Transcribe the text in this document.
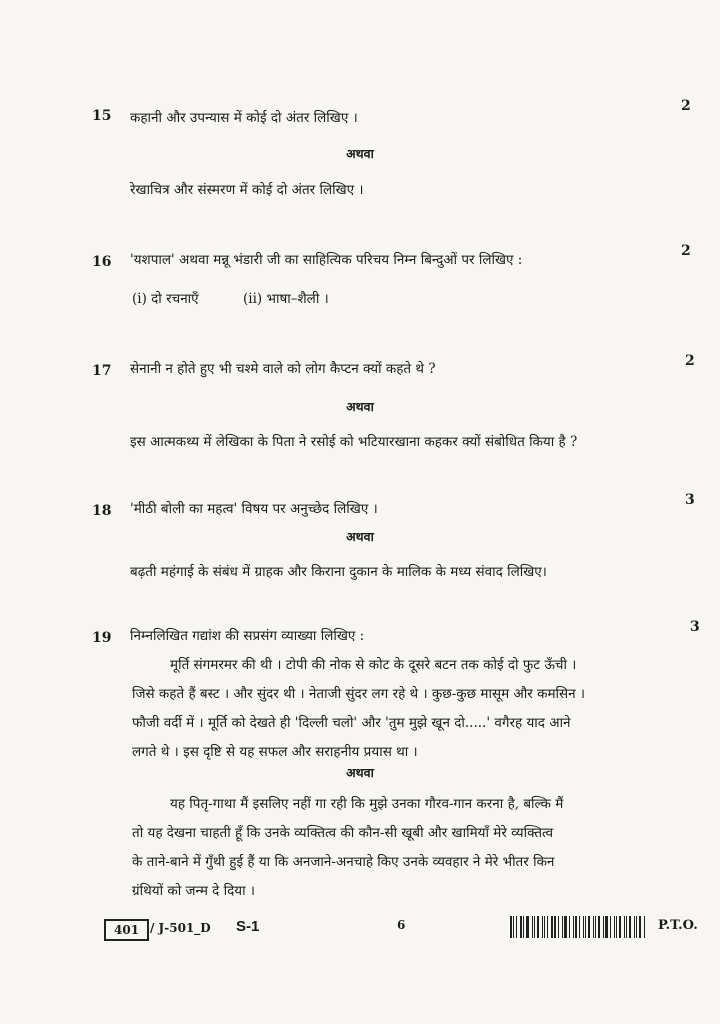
15 कहानी और उपन्यास में कोई दो अंतर लिखिए ।
2
अथवा
रेखाचित्र और संस्मरण में कोई दो अंतर लिखिए ।
16 'यशपाल' अथवा मन्नू भंडारी जी का साहित्यिक परिचय निम्न बिन्दुओं पर लिखिए :
2
(i) दो रचनाएँ	(ii) भाषा–शैली ।
17 सेनानी न होते हुए भी चश्मे वाले को लोग कैप्टन क्यों कहते थे ?	2
अथवा
इस आत्मकथ्य में लेखिका के पिता ने रसोई को भटियारखाना कहकर क्यों संबोधित किया है ?
18 'मीठी बोली का महत्व' विषय पर अनुच्छेद लिखिए ।
3
अथवा
बढ़ती महंगाई के संबंध में ग्राहक और किराना दुकान के मालिक के मध्य संवाद लिखिए।
19 निम्नलिखित गद्यांश की सप्रसंग व्याख्या लिखिए :
3
मूर्ति संगमरमर की थी । टोपी की नोक से कोट के दूसरे बटन तक कोई दो फुट ऊँची ।
जिसे कहते हैं बस्ट । और सुंदर थी । नेताजी सुंदर लग रहे थे । कुछ-कुछ मासूम और कमसिन ।
फौजी वर्दी में । मूर्ति को देखते ही 'दिल्ली चलो' और 'तुम मुझे खून दो.....' वगैरह याद आने
लगते थे । इस दृष्टि से यह सफल और सराहनीय प्रयास था ।
अथवा
यह पितृ-गाथा मैं इसलिए नहीं गा रही कि मुझे उनका गौरव-गान करना है, बल्कि मैं
तो यह देखना चाहती हूँ कि उनके व्यक्तित्व की कौन-सी खूबी और खामियाँ मेरे व्यक्तित्व
के ताने-बाने में गुँथी हुई हैं या कि अनजाने-अनचाहे किए उनके व्यवहार ने मेरे भीतर किन
ग्रंथियों को जन्म दे दिया ।
401 / J-501_D S-1	6	P.T.O.
